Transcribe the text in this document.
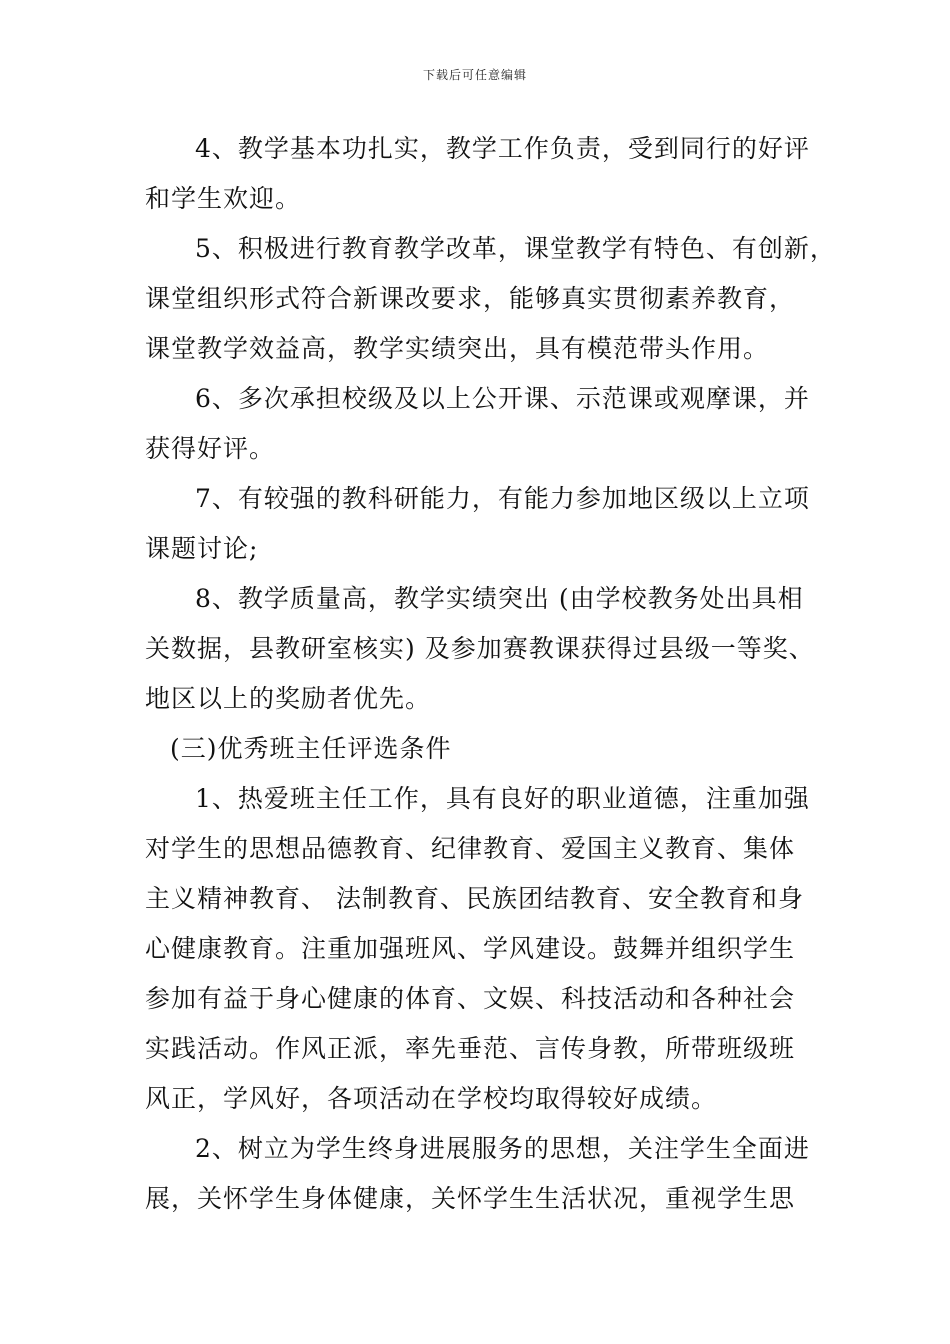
下载后可任意编辑
4、教学基本功扎实，教学工作负责，受到同行的好评
和学生欢迎。
5、积极进行教育教学改革，课堂教学有特色、有创新，
课堂组织形式符合新课改要求，能够真实贯彻素养教育，
课堂教学效益高，教学实绩突出，具有模范带头作用。
6、多次承担校级及以上公开课、示范课或观摩课，并
获得好评。
7、有较强的教科研能力，有能力参加地区级以上立项
课题讨论;
8、教学质量高，教学实绩突出 (由学校教务处出具相
关数据，县教研室核实) 及参加赛教课获得过县级一等奖、
地区以上的奖励者优先。
(三)优秀班主任评选条件
1、热爱班主任工作，具有良好的职业道德，注重加强
对学生的思想品德教育、纪律教育、爱国主义教育、集体
主义精神教育、 法制教育、民族团结教育、安全教育和身
心健康教育。注重加强班风、学风建设。鼓舞并组织学生
参加有益于身心健康的体育、文娱、科技活动和各种社会
实践活动。作风正派，率先垂范、言传身教，所带班级班
风正，学风好，各项活动在学校均取得较好成绩。
2、树立为学生终身进展服务的思想，关注学生全面进
展，关怀学生身体健康，关怀学生生活状况，重视学生思
